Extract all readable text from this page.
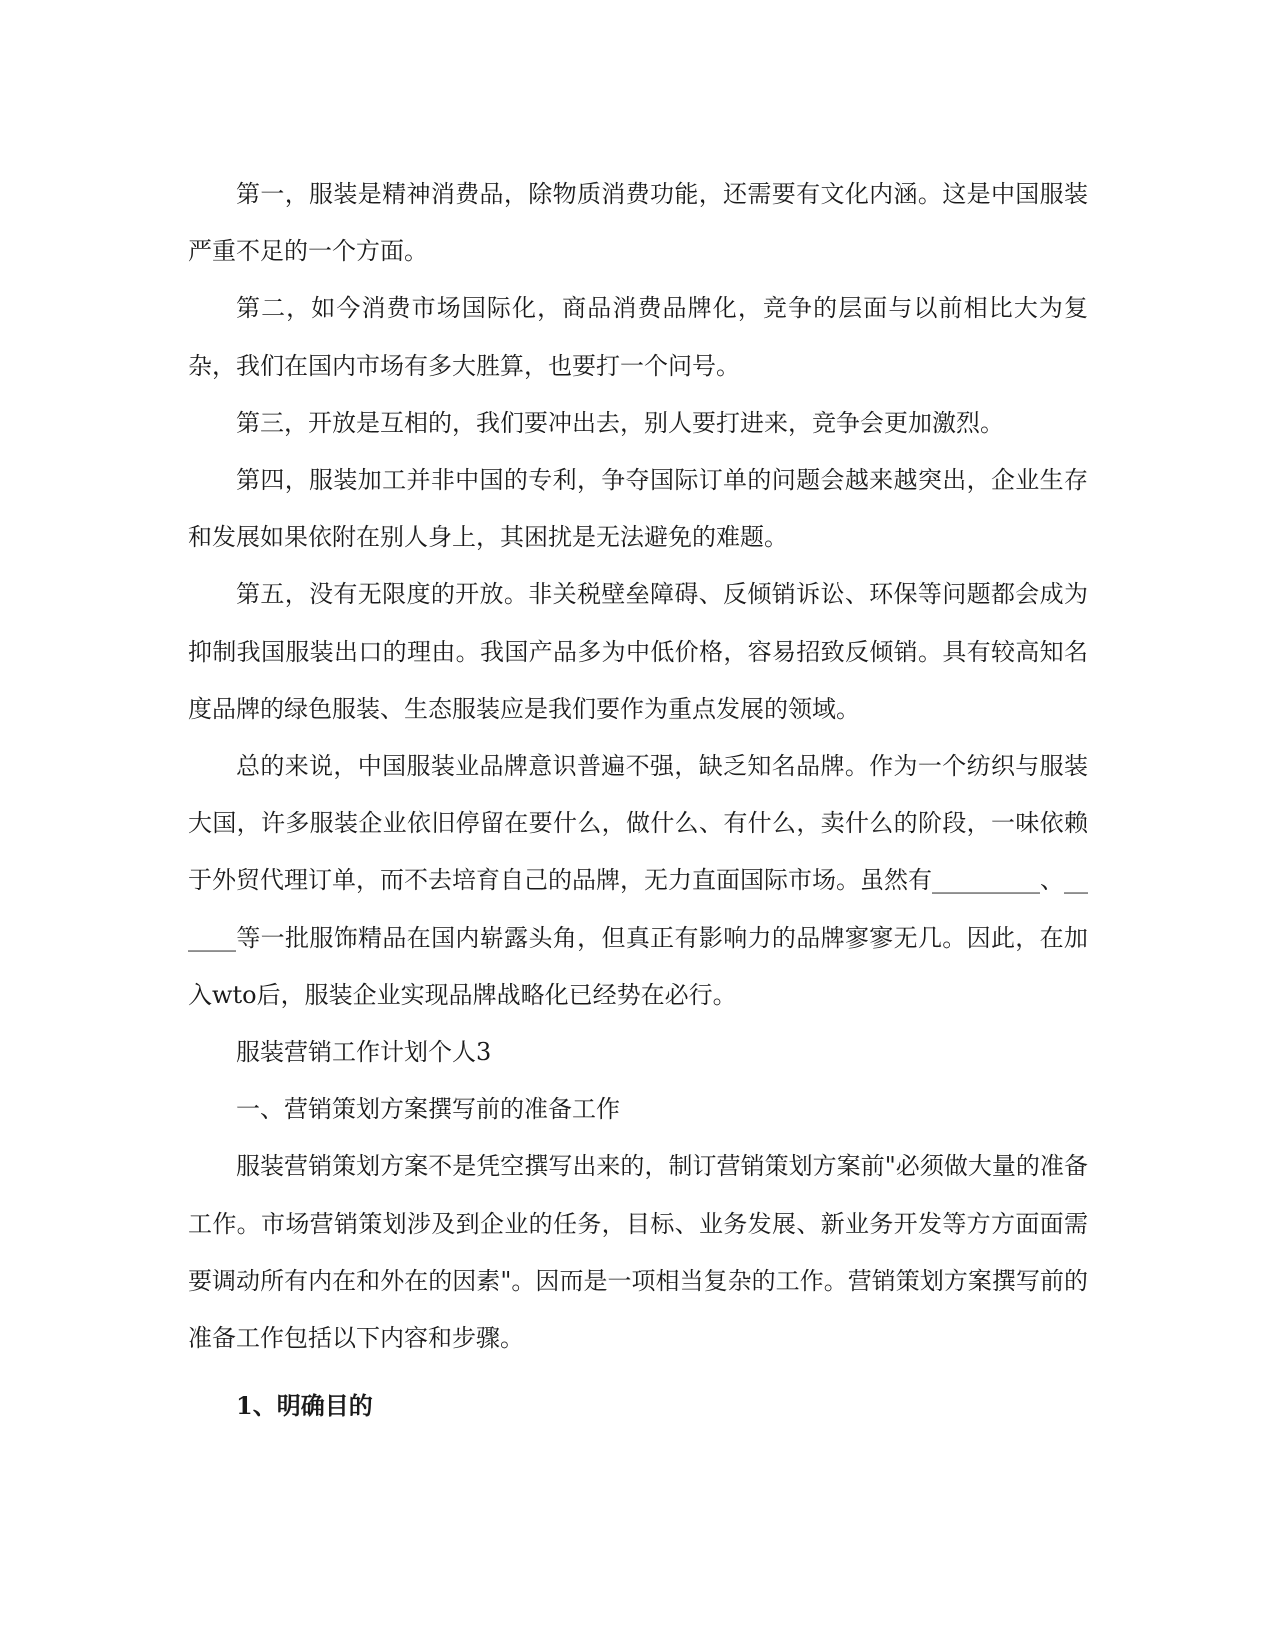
第一，服装是精神消费品，除物质消费功能，还需要有文化内涵。这是中国服装严重不足的一个方面。

第二，如今消费市场国际化，商品消费品牌化，竞争的层面与以前相比大为复杂，我们在国内市场有多大胜算，也要打一个问号。

第三，开放是互相的，我们要冲出去，别人要打进来，竞争会更加激烈。

第四，服装加工并非中国的专利，争夺国际订单的问题会越来越突出，企业生存和发展如果依附在别人身上，其困扰是无法避免的难题。

第五，没有无限度的开放。非关税壁垒障碍、反倾销诉讼、环保等问题都会成为抑制我国服装出口的理由。我国产品多为中低价格，容易招致反倾销。具有较高知名度品牌的绿色服装、生态服装应是我们要作为重点发展的领域。

总的来说，中国服装业品牌意识普遍不强，缺乏知名品牌。作为一个纺织与服装大国，许多服装企业依旧停留在要什么，做什么、有什么，卖什么的阶段，一味依赖于外贸代理订单，而不去培育自己的品牌，无力直面国际市场。虽然有_________、______等一批服饰精品在国内崭露头角，但真正有影响力的品牌寥寥无几。因此，在加入wto后，服装企业实现品牌战略化已经势在必行。

服装营销工作计划个人3

一、营销策划方案撰写前的准备工作

服装营销策划方案不是凭空撰写出来的，制订营销策划方案前"必须做大量的准备工作。市场营销策划涉及到企业的任务，目标、业务发展、新业务开发等方方面面需要调动所有内在和外在的因素"。因而是一项相当复杂的工作。营销策划方案撰写前的准备工作包括以下内容和步骤。

1、明确目的
